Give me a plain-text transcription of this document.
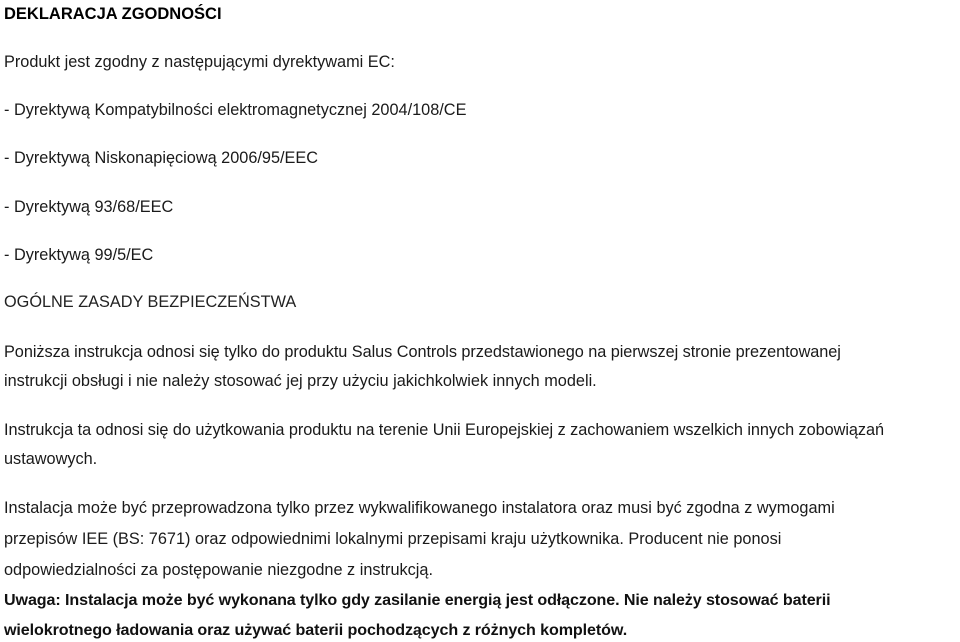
DEKLARACJA ZGODNOŚCI
Produkt jest zgodny z następującymi dyrektywami EC:
- Dyrektywą Kompatybilności elektromagnetycznej 2004/108/CE
- Dyrektywą Niskonapięciową 2006/95/EEC
- Dyrektywą 93/68/EEC
- Dyrektywą 99/5/EC
OGÓLNE ZASADY BEZPIECZEŃSTWA
Poniższa instrukcja odnosi się tylko do produktu Salus Controls przedstawionego na pierwszej stronie prezentowanej
instrukcji obsługi i nie należy stosować jej przy użyciu jakichkolwiek innych modeli.
Instrukcja ta odnosi się do użytkowania produktu na terenie Unii Europejskiej z zachowaniem wszelkich innych zobowiązań
ustawowych.
Instalacja może być przeprowadzona tylko przez wykwalifikowanego instalatora oraz musi być zgodna z wymogami
przepisów IEE (BS: 7671) oraz odpowiednimi lokalnymi przepisami kraju użytkownika. Producent nie ponosi
odpowiedzialności za postępowanie niezgodne z instrukcją.
Uwaga: Instalacja może być wykonana tylko gdy zasilanie energią jest odłączone. Nie należy stosować baterii
wielokrotnego ładowania oraz używać baterii pochodzących z różnych kompletów.
